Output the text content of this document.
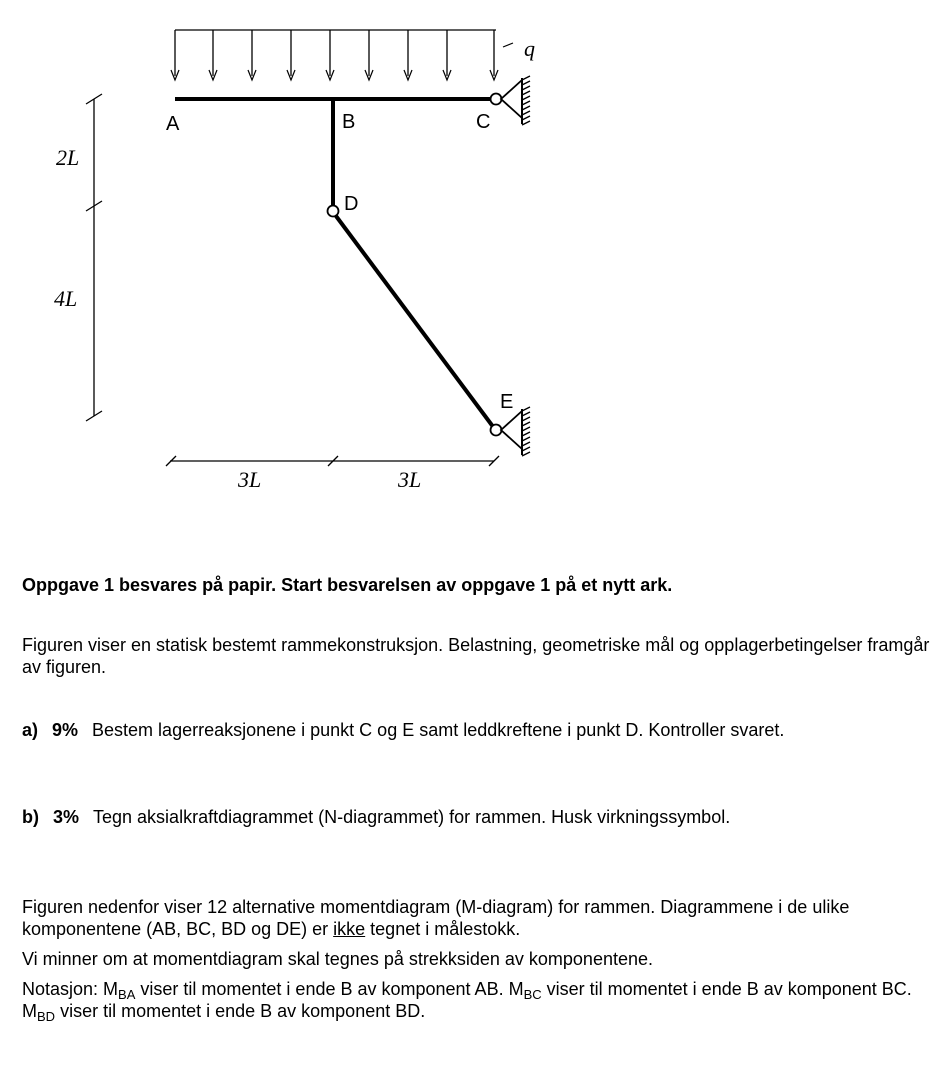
q
A	B	C
D
E
2L
4L
3L	3L
Oppgave 1 besvares på papir. Start besvarelsen av oppgave 1 på et nytt ark.
Figuren viser en statisk bestemt rammekonstruksjon. Belastning, geometriske mål og opplagerbetingelser framgår av figuren.
a) 9% Bestem lagerreaksjonene i punkt C og E samt leddkreftene i punkt D. Kontroller svaret.
b) 3% Tegn aksialkraftdiagrammet (N-diagrammet) for rammen. Husk virkningssymbol.

Figuren nedenfor viser 12 alternative momentdiagram (M-diagram) for rammen. Diagrammene i de ulike komponentene (AB, BC, BD og DE) er ikke tegnet i målestokk.

Vi minner om at momentdiagram skal tegnes på strekksiden av komponentene.

Notasjon: $M_{BA}$ viser til momentet i ende B av komponent AB. $M_{BC}$ viser til momentet i ende B av komponent BC. $M_{BD}$ viser til momentet i ende B av komponent BD.
